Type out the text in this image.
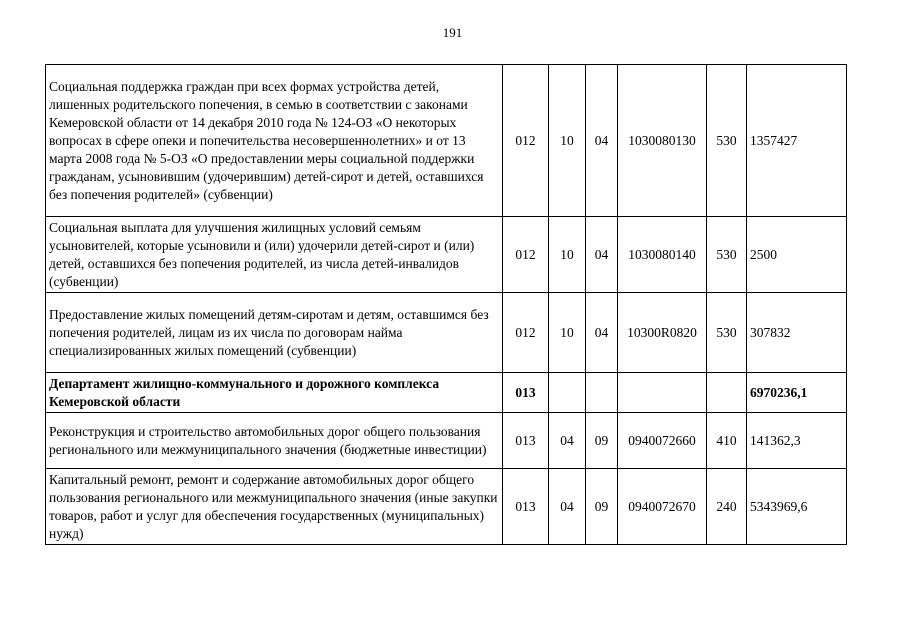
191
Социальная поддержка граждан при всех формах устройства детей, лишенных родительского попечения, в семью в соответствии с законами Кемеровской области от 14 декабря 2010 года № 124-ОЗ «О некоторых вопросах в сфере опеки и попечительства несовершеннолетних» и от 13 марта 2008 года № 5-ОЗ «О предоставлении меры социальной поддержки гражданам, усыновившим (удочерившим) детей-сирот и детей, оставшихся без попечения родителей» (субвенции)	012	10	04	1030080130	530	1357427
Социальная выплата для улучшения жилищных условий семьям усыновителей, которые усыновили и (или) удочерили детей-сирот и (или) детей, оставшихся без попечения родителей, из числа детей-инвалидов (субвенции)	012	10	04	1030080140	530	2500
Предоставление жилых помещений детям-сиротам и детям, оставшимся без попечения родителей, лицам из их числа по договорам найма специализированных жилых помещений (субвенции)	012	10	04	10300R0820	530	307832
Департамент жилищно-коммунального и дорожного комплекса Кемеровской области	013					6970236,1
Реконструкция и строительство автомобильных дорог общего пользования регионального или межмуниципального значения (бюджетные инвестиции)	013	04	09	0940072660	410	141362,3
Капитальный ремонт, ремонт и содержание автомобильных дорог общего пользования регионального или межмуниципального значения (иные закупки товаров, работ и услуг для обеспечения государственных (муниципальных) нужд)	013	04	09	0940072670	240	5343969,6
